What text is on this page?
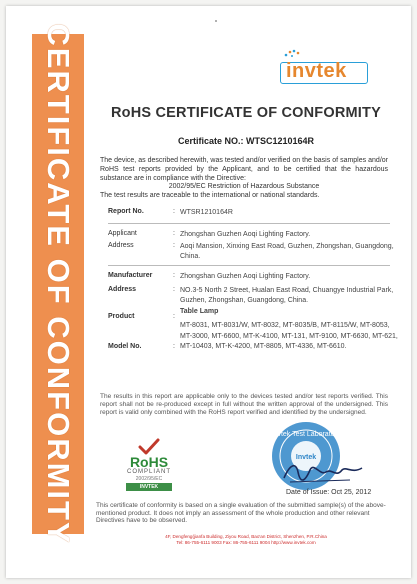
CERTIFICATE OF CONFORMITY	invtek
RoHS CERTIFICATE OF CONFORMITY
Certificate NO.: WTSC1210164R
The device, as described herewith, was tested and/or verified on the basis of samples and/or RoHS test reports provided by the Applicant, and to be certified that the hazardous substance are in compliance with the Directive:
2002/95/EC Restriction of Hazardous Substance
The test results are traceable to the international or national standards.
Report No.	: WTSR1210164R
Applicant	: Zhongshan Guzhen Aoqi Lighting Factory.
Address	: Aoqi Mansion, Xinxing East Road, Guzhen, Zhongshan, Guangdong, China.
Manufacturer	: Zhongshan Guzhen Aoqi Lighting Factory.
Address	: NO.3-5 North 2 Street, Hualan East Road, Chuangye Industrial Park, Guzhen, Zhongshan, Guangdong, China.
Product	:
Table Lamp
Model No.	:
MT-8031, MT-8031/W, MT-8032, MT-8035/B, MT-8115/W, MT-8053, MT-3000, MT-6600, MT-K-4100, MT-131, MT-9100, MT-6630, MT-621, MT-10403, MT-K-4200, MT-8805, MT-4336, MT-6610.
The results in this report are applicable only to the devices tested and/or test reports verified. This report shall not be re-produced except in full without the written approval of the undersigned. This report is valid only combined with the RoHS report verified and identified by the undersigned.
RoHS
COMPLIANT
2002/95/EC
INVTEK
Invtek Test Laboratory
Invtek
Date of Issue: Oct 25, 2012
This certificate of conformity is based on a single evaluation of the submitted sample(s) of the above-mentioned product. It does not imply an assessment of the whole production and other relevant Directives have to be observed.
4F, Dengfeng(jianfa Building, Ziyou Road, Bao'an District, Shenzhen, P.R.China
Tel: 86-755-6111 9003 Fax: 86-755-6111 9004 http://www.invtek.com
